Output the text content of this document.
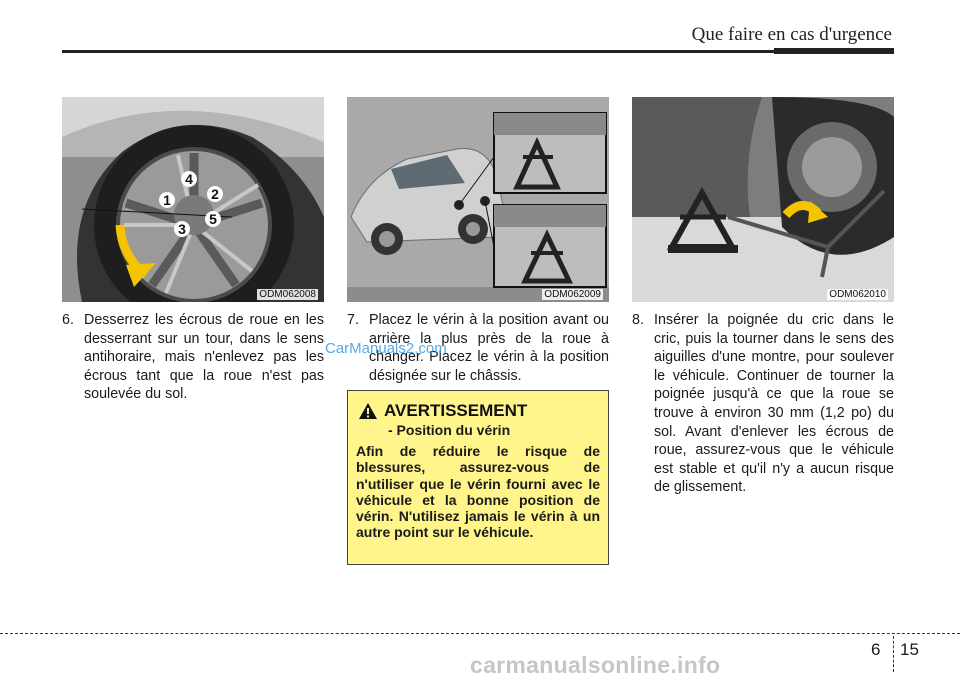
Que faire en cas d'urgence
1	2
3
4
5
ODM062008	ODM062009	ODM062010
6. Desserrez les écrous de roue en les desserrant sur un tour, dans le sens antihoraire, mais n'enlevez pas les écrous tant que la roue n'est pas soulevée du sol.
7. Placez le vérin à la position avant ou arrière la plus près de la roue à changer. Placez le vérin à la position désignée sur le châssis.
8. Insérer la poignée du cric dans le cric, puis la tourner dans le sens des aiguilles d'une montre, pour soulever le véhicule. Continuer de tourner la poignée jusqu'à ce que la roue se trouve à environ 30 mm (1,2 po) du sol. Avant d'enlever les écrous de roue, assurez-vous que le véhicule est stable et qu'il n'y a aucun risque de glissement.
CarManuals2.com
AVERTISSEMENT
- Position du vérin
Afin de réduire le risque de blessures, assurez-vous de n'utiliser que le vérin fourni avec le véhicule et la bonne position de vérin. N'utilisez jamais le vérin à un autre point sur le véhicule.
6 15
carmanualsonline.info
